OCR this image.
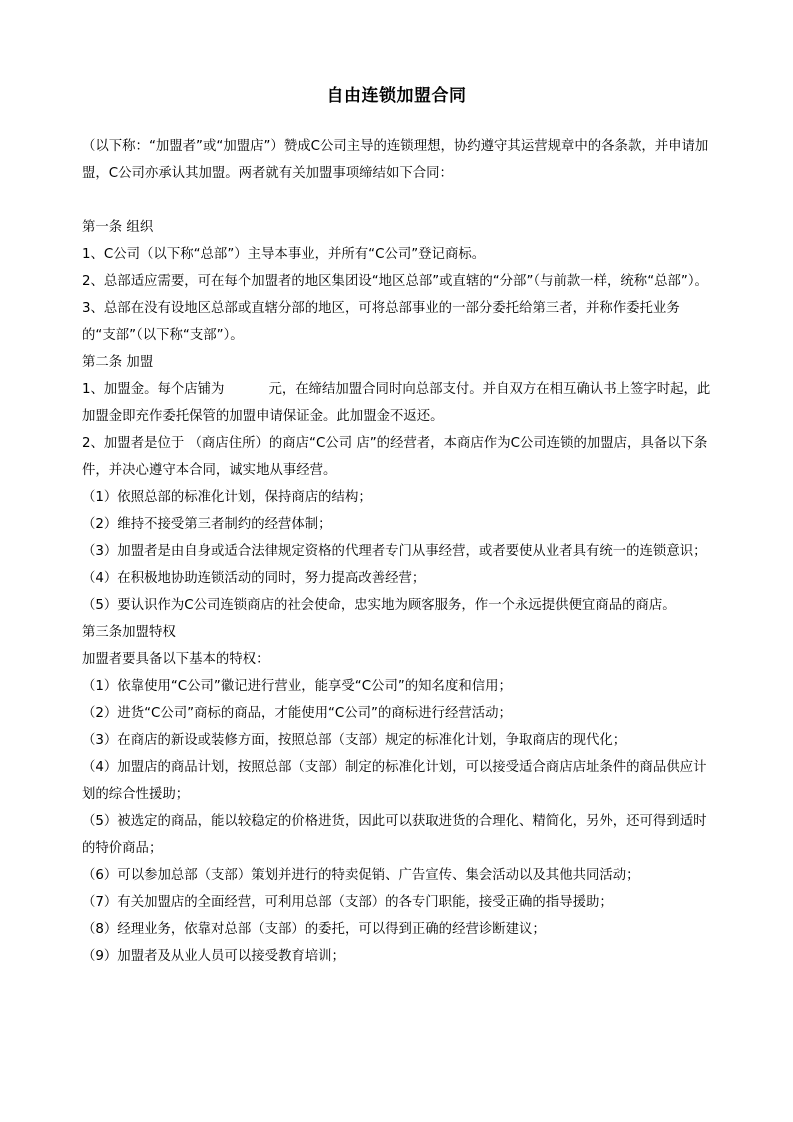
自由连锁加盟合同

（以下称：“加盟者”或“加盟店”）赞成C公司主导的连锁理想，协约遵守其运营规章中的各条款，并申请加盟，C公司亦承认其加盟。两者就有关加盟事项缔结如下合同：

第一条 组织

1、C公司（以下称“总部”）主导本事业，并所有“C公司”登记商标。

2、总部适应需要，可在每个加盟者的地区集团设“地区总部”或直辖的“分部”（与前款一样，统称“总部”）。

3、总部在没有设地区总部或直辖分部的地区，可将总部事业的一部分委托给第三者，并称作委托业务的“支部”（以下称“支部”）。

第二条 加盟

1、加盟金。每个店铺为	元，在缔结加盟合同时向总部支付。并自双方在相互确认书上签字时起，此加盟金即充作委托保管的加盟申请保证金。此加盟金不返还。

2、加盟者是位于 （商店住所）的商店“C公司 店”的经营者，本商店作为C公司连锁的加盟店，具备以下条件，并决心遵守本合同，诚实地从事经营。

（1）依照总部的标准化计划，保持商店的结构；

（2）维持不接受第三者制约的经营体制；

（3）加盟者是由自身或适合法律规定资格的代理者专门从事经营，或者要使从业者具有统一的连锁意识；

（4）在积极地协助连锁活动的同时，努力提高改善经营；

（5）要认识作为C公司连锁商店的社会使命，忠实地为顾客服务，作一个永远提供便宜商品的商店。

第三条加盟特权

加盟者要具备以下基本的特权：

（1）依靠使用“C公司”徽记进行营业，能享受“C公司”的知名度和信用；

（2）进货“C公司”商标的商品，才能使用“C公司”的商标进行经营活动；

（3）在商店的新设或装修方面，按照总部（支部）规定的标准化计划，争取商店的现代化；

（4）加盟店的商品计划，按照总部（支部）制定的标准化计划，可以接受适合商店店址条件的商品供应计划的综合性援助；

（5）被选定的商品，能以较稳定的价格进货，因此可以获取进货的合理化、精简化，另外，还可得到适时的特价商品；

（6）可以参加总部（支部）策划并进行的特卖促销、广告宣传、集会活动以及其他共同活动；

（7）有关加盟店的全面经营，可利用总部（支部）的各专门职能，接受正确的指导援助；

（8）经理业务，依靠对总部（支部）的委托，可以得到正确的经营诊断建议；

（9）加盟者及从业人员可以接受教育培训；
